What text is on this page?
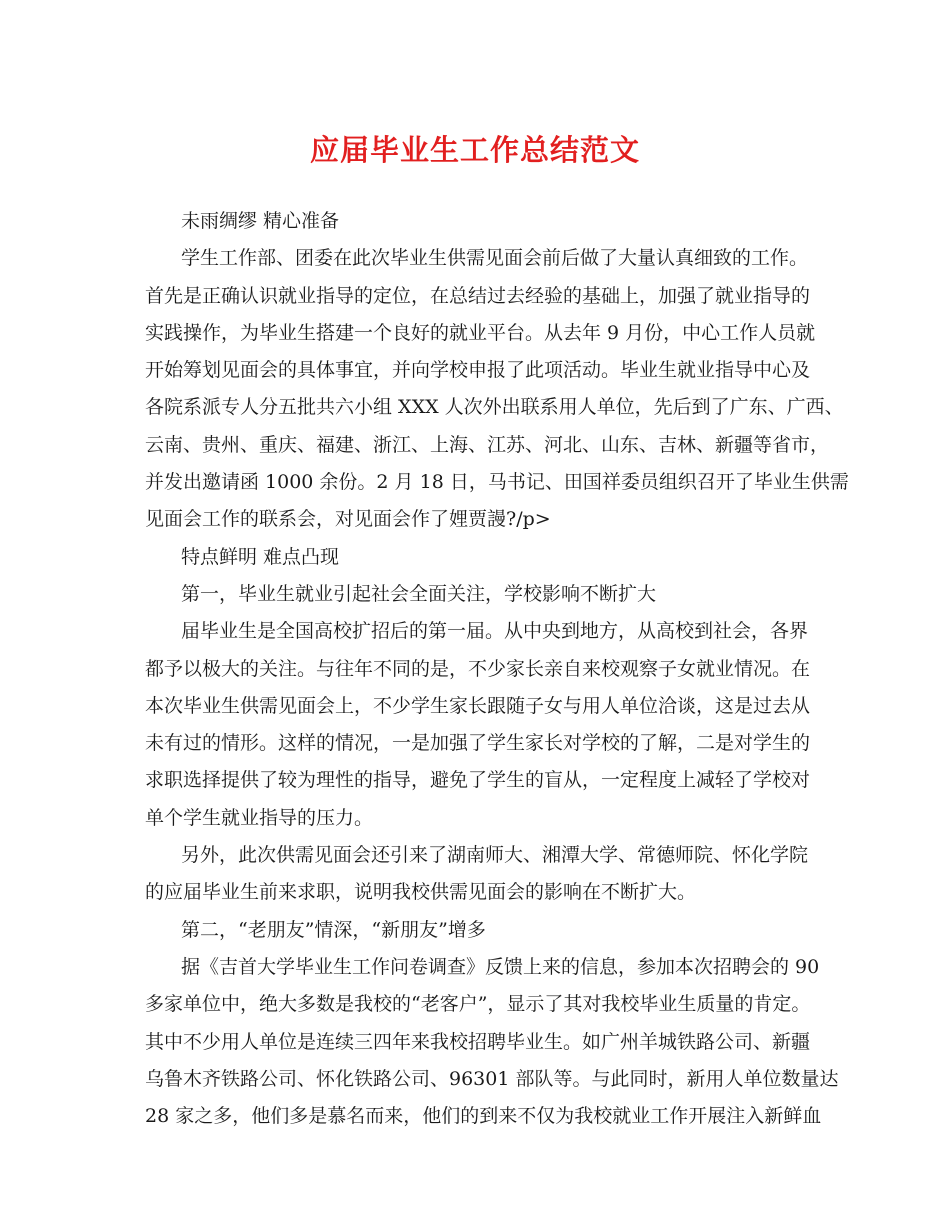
应届毕业生工作总结范文
未雨绸缪 精心准备
学生工作部、团委在此次毕业生供需见面会前后做了大量认真细致的工作。
首先是正确认识就业指导的定位，在总结过去经验的基础上，加强了就业指导的
实践操作，为毕业生搭建一个良好的就业平台。从去年 9 月份，中心工作人员就
开始筹划见面会的具体事宜，并向学校申报了此项活动。毕业生就业指导中心及
各院系派专人分五批共六小组 XXX 人次外出联系用人单位，先后到了广东、广西、
云南、贵州、重庆、福建、浙江、上海、江苏、河北、山东、吉林、新疆等省市，
并发出邀请函 1000 余份。2 月 18 日，马书记、田国祥委员组织召开了毕业生供需
见面会工作的联系会，对见面会作了娌贾謾?/p>
特点鲜明 难点凸现
第一，毕业生就业引起社会全面关注，学校影响不断扩大
届毕业生是全国高校扩招后的第一届。从中央到地方，从高校到社会，各界
都予以极大的关注。与往年不同的是，不少家长亲自来校观察子女就业情况。在
本次毕业生供需见面会上，不少学生家长跟随子女与用人单位洽谈，这是过去从
未有过的情形。这样的情况，一是加强了学生家长对学校的了解，二是对学生的
求职选择提供了较为理性的指导，避免了学生的盲从，一定程度上减轻了学校对
单个学生就业指导的压力。
另外，此次供需见面会还引来了湖南师大、湘潭大学、常德师院、怀化学院
的应届毕业生前来求职，说明我校供需见面会的影响在不断扩大。
第二，“老朋友”情深，“新朋友”增多
据《吉首大学毕业生工作问卷调查》反馈上来的信息，参加本次招聘会的 90
多家单位中，绝大多数是我校的“老客户”，显示了其对我校毕业生质量的肯定。
其中不少用人单位是连续三四年来我校招聘毕业生。如广州羊城铁路公司、新疆
乌鲁木齐铁路公司、怀化铁路公司、96301 部队等。与此同时，新用人单位数量达
28 家之多，他们多是慕名而来，他们的到来不仅为我校就业工作开展注入新鲜血
